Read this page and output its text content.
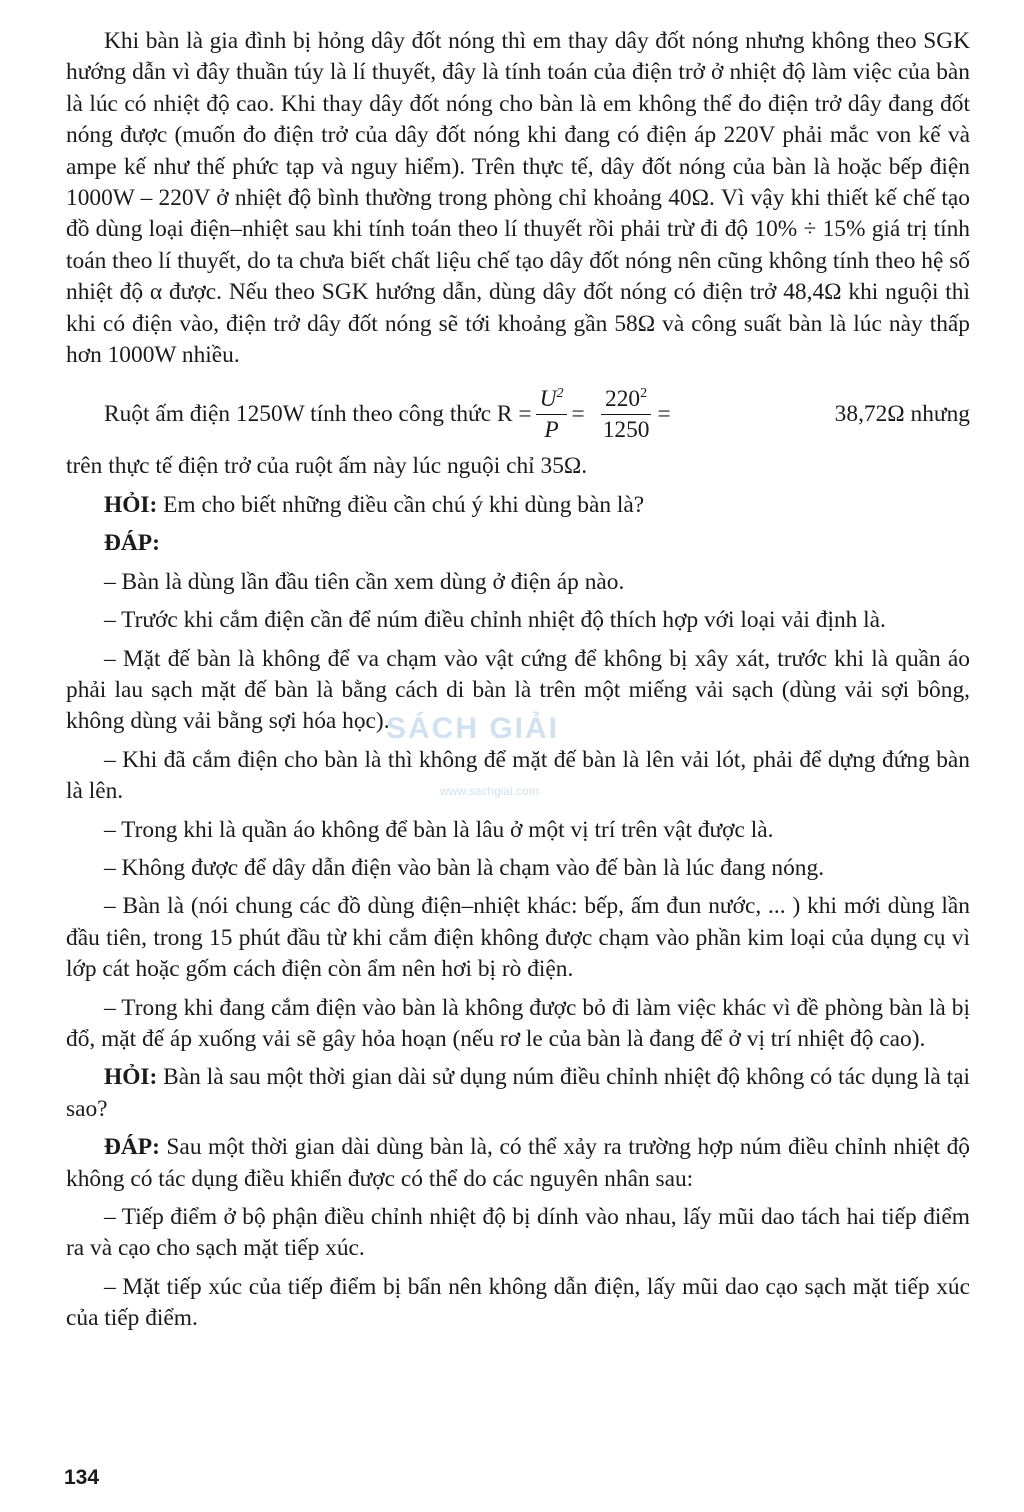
Khi bàn là gia đình bị hỏng dây đốt nóng thì em thay dây đốt nóng nhưng không theo SGK hướng dẫn vì đây thuần túy là lí thuyết, đây là tính toán của điện trở ở nhiệt độ làm việc của bàn là lúc có nhiệt độ cao. Khi thay dây đốt nóng cho bàn là em không thể đo điện trở dây đang đốt nóng được (muốn đo điện trở của dây đốt nóng khi đang có điện áp 220V phải mắc von kế và ampe kế như thế phức tạp và nguy hiểm). Trên thực tế, dây đốt nóng của bàn là hoặc bếp điện 1000W – 220V ở nhiệt độ bình thường trong phòng chỉ khoảng 40Ω. Vì vậy khi thiết kế chế tạo đồ dùng loại điện–nhiệt sau khi tính toán theo lí thuyết rồi phải trừ đi độ 10% ÷ 15% giá trị tính toán theo lí thuyết, do ta chưa biết chất liệu chế tạo dây đốt nóng nên cũng không tính theo hệ số nhiệt độ α được. Nếu theo SGK hướng dẫn, dùng dây đốt nóng có điện trở 48,4Ω khi nguội thì khi có điện vào, điện trở dây đốt nóng sẽ tới khoảng gần 58Ω và công suất bàn là lúc này thấp hơn 1000W nhiều.

Ruột ấm điện 1250W tính theo công thức $R = \frac{U^2}{P} = \frac{220^2}{1250}$ =	38,72Ω nhưng

trên thực tế điện trở của ruột ấm này lúc nguội chỉ 35Ω.

HỎI: Em cho biết những điều cần chú ý khi dùng bàn là?

ĐÁP:

– Bàn là dùng lần đầu tiên cần xem dùng ở điện áp nào.

– Trước khi cắm điện cần để núm điều chỉnh nhiệt độ thích hợp với loại vải định là.

– Mặt đế bàn là không để va chạm vào vật cứng để không bị xây xát, trước khi là quần áo phải lau sạch mặt đế bàn là bằng cách di bàn là trên một miếng vải sạch (dùng vải sợi bông, không dùng vải bằng sợi hóa học).

– Khi đã cắm điện cho bàn là thì không để mặt đế bàn là lên vải lót, phải để dựng đứng bàn là lên.

– Trong khi là quần áo không để bàn là lâu ở một vị trí trên vật được là.

– Không được để dây dẫn điện vào bàn là chạm vào đế bàn là lúc đang nóng.

– Bàn là (nói chung các đồ dùng điện–nhiệt khác: bếp, ấm đun nước, ... ) khi mới dùng lần đầu tiên, trong 15 phút đầu từ khi cắm điện không được chạm vào phần kim loại của dụng cụ vì lớp cát hoặc gốm cách điện còn ẩm nên hơi bị rò điện.

– Trong khi đang cắm điện vào bàn là không được bỏ đi làm việc khác vì đề phòng bàn là bị đổ, mặt đế áp xuống vải sẽ gây hỏa hoạn (nếu rơ le của bàn là đang để ở vị trí nhiệt độ cao).

HỎI: Bàn là sau một thời gian dài sử dụng núm điều chỉnh nhiệt độ không có tác dụng là tại sao?

ĐÁP: Sau một thời gian dài dùng bàn là, có thể xảy ra trường hợp núm điều chỉnh nhiệt độ không có tác dụng điều khiển được có thể do các nguyên nhân sau:

– Tiếp điểm ở bộ phận điều chỉnh nhiệt độ bị dính vào nhau, lấy mũi dao tách hai tiếp điểm ra và cạo cho sạch mặt tiếp xúc.

– Mặt tiếp xúc của tiếp điểm bị bẩn nên không dẫn điện, lấy mũi dao cạo sạch mặt tiếp xúc của tiếp điểm.

SÁCH GIẢI
www.sachgiai.com
134
